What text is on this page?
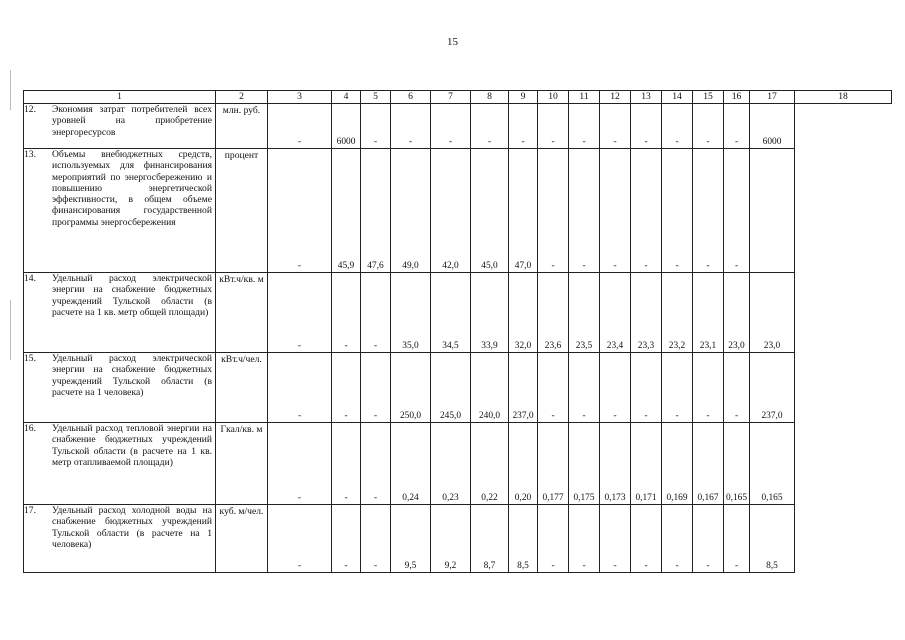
15
1	2	3	4	5	6	7	8	9	10	11	12	13	14	15	16	17	18

12. Экономия затрат потребителей всех уровней на приобретение энергоресурсов	млн. руб.	-	6000	-	-	-	-	-	-	-	-	-	-	-	-	6000	

13. Объемы внебюджетных средств, используемых для финансирования мероприятий по энергосбережению и повышению энергетической эффективности, в общем объеме финансирования государственной программы энергосбережения	процент	-	45,9	47,6	49,0	42,0	45,0	47,0	-	-	-	-	-	-	-		

14. Удельный расход электрической энергии на снабжение бюджетных учреждений Тульской области (в расчете на 1 кв. метр общей площади)	кВт.ч/кв. м	-	-	-	35,0	34,5	33,9	32,0	23,6	23,5	23,4	23,3	23,2	23,1	23,0	23,0	

15. Удельный расход электрической энергии на снабжение бюджетных учреждений Тульской области (в расчете на 1 человека)	кВт.ч/чел.	-	-	-	250,0	245,0	240,0	237,0	-	-	-	-	-	-	-	237,0	

16. Удельный расход тепловой энергии на снабжение бюджетных учреждений Тульской области (в расчете на 1 кв. метр отапливаемой площади)	Гкал/кв. м	-	-	-	0,24	0,23	0,22	0,20	0,177	0,175	0,173	0,171	0,169	0,167	0,165	0,165	

17. Удельный расход холодной воды на снабжение бюджетных учреждений Тульской области (в расчете на 1 человека)	куб. м/чел.	-	-	-	9,5	9,2	8,7	8,5	-	-	-	-	-	-	-	8,5	
